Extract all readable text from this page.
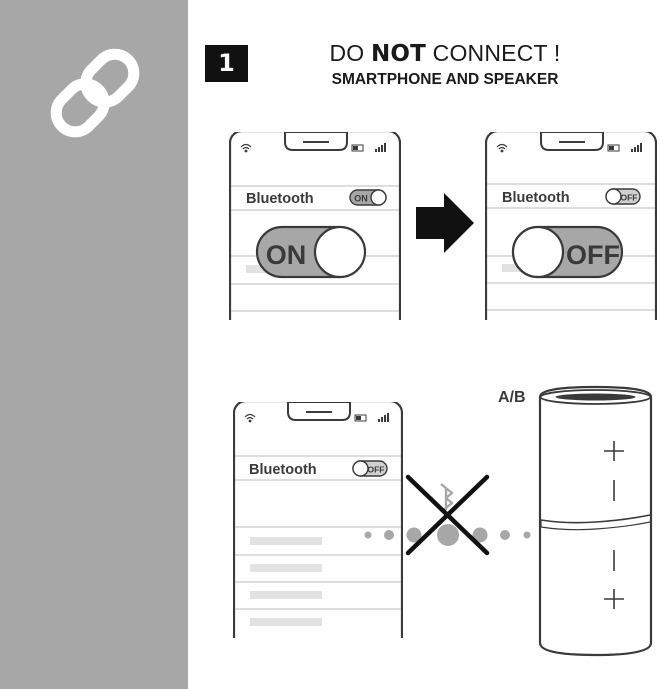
1	DO NOT CONNECT !
SMARTPHONE AND SPEAKER
Bluetooth	ON
ON
Bluetooth	OFF
OFF
Bluetooth	OFF
A/B
